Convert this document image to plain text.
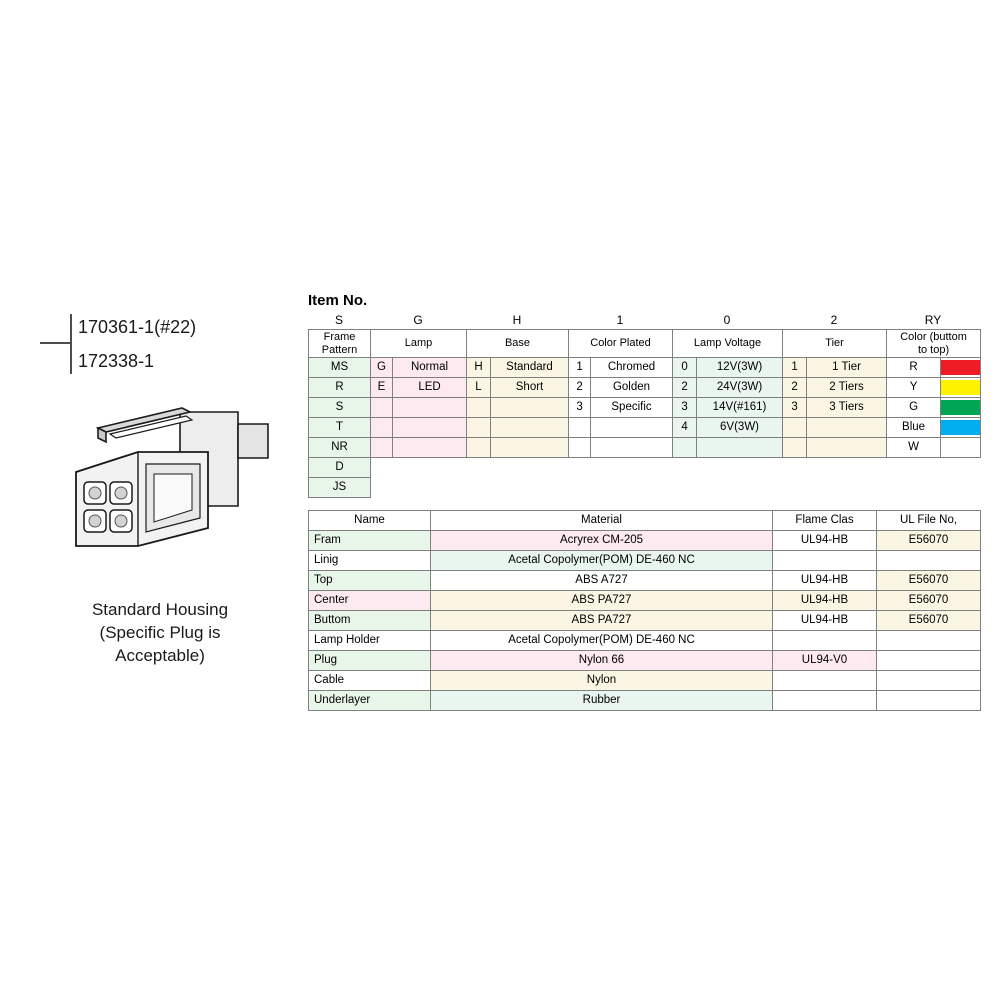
170361-1(#22)
172338-1
Standard Housing
(Specific Plug is
Acceptable)
Item No.
S	G	H	1	0	2	RY
Frame
Pattern	Lamp		Base		Color Plated		Lamp Voltage		Tier		Color (buttom
to top)	
MS	G	Normal	H	Standard	1	Chromed	0	12V(3W)	1	1 Tier	R	

R	E	LED	L	Short	2	Golden	2	24V(3W)	2	2 Tiers	Y	

S					3	Specific	3	14V(#161)	3	3 Tiers	G	

T							4	6V(3W)			Blue	

NR											W	

D												
JS												
Name	Material	Flame Clas	UL File No,
Fram	Acryrex CM-205	UL94-HB	E56070
Linig	Acetal Copolymer(POM) DE-460 NC		
Top	ABS A727	UL94-HB	E56070
Center	ABS PA727	UL94-HB	E56070
Buttom	ABS PA727	UL94-HB	E56070
Lamp Holder	Acetal Copolymer(POM) DE-460 NC		
Plug	Nylon 66	UL94-V0	
Cable	Nylon		
Underlayer	Rubber		
